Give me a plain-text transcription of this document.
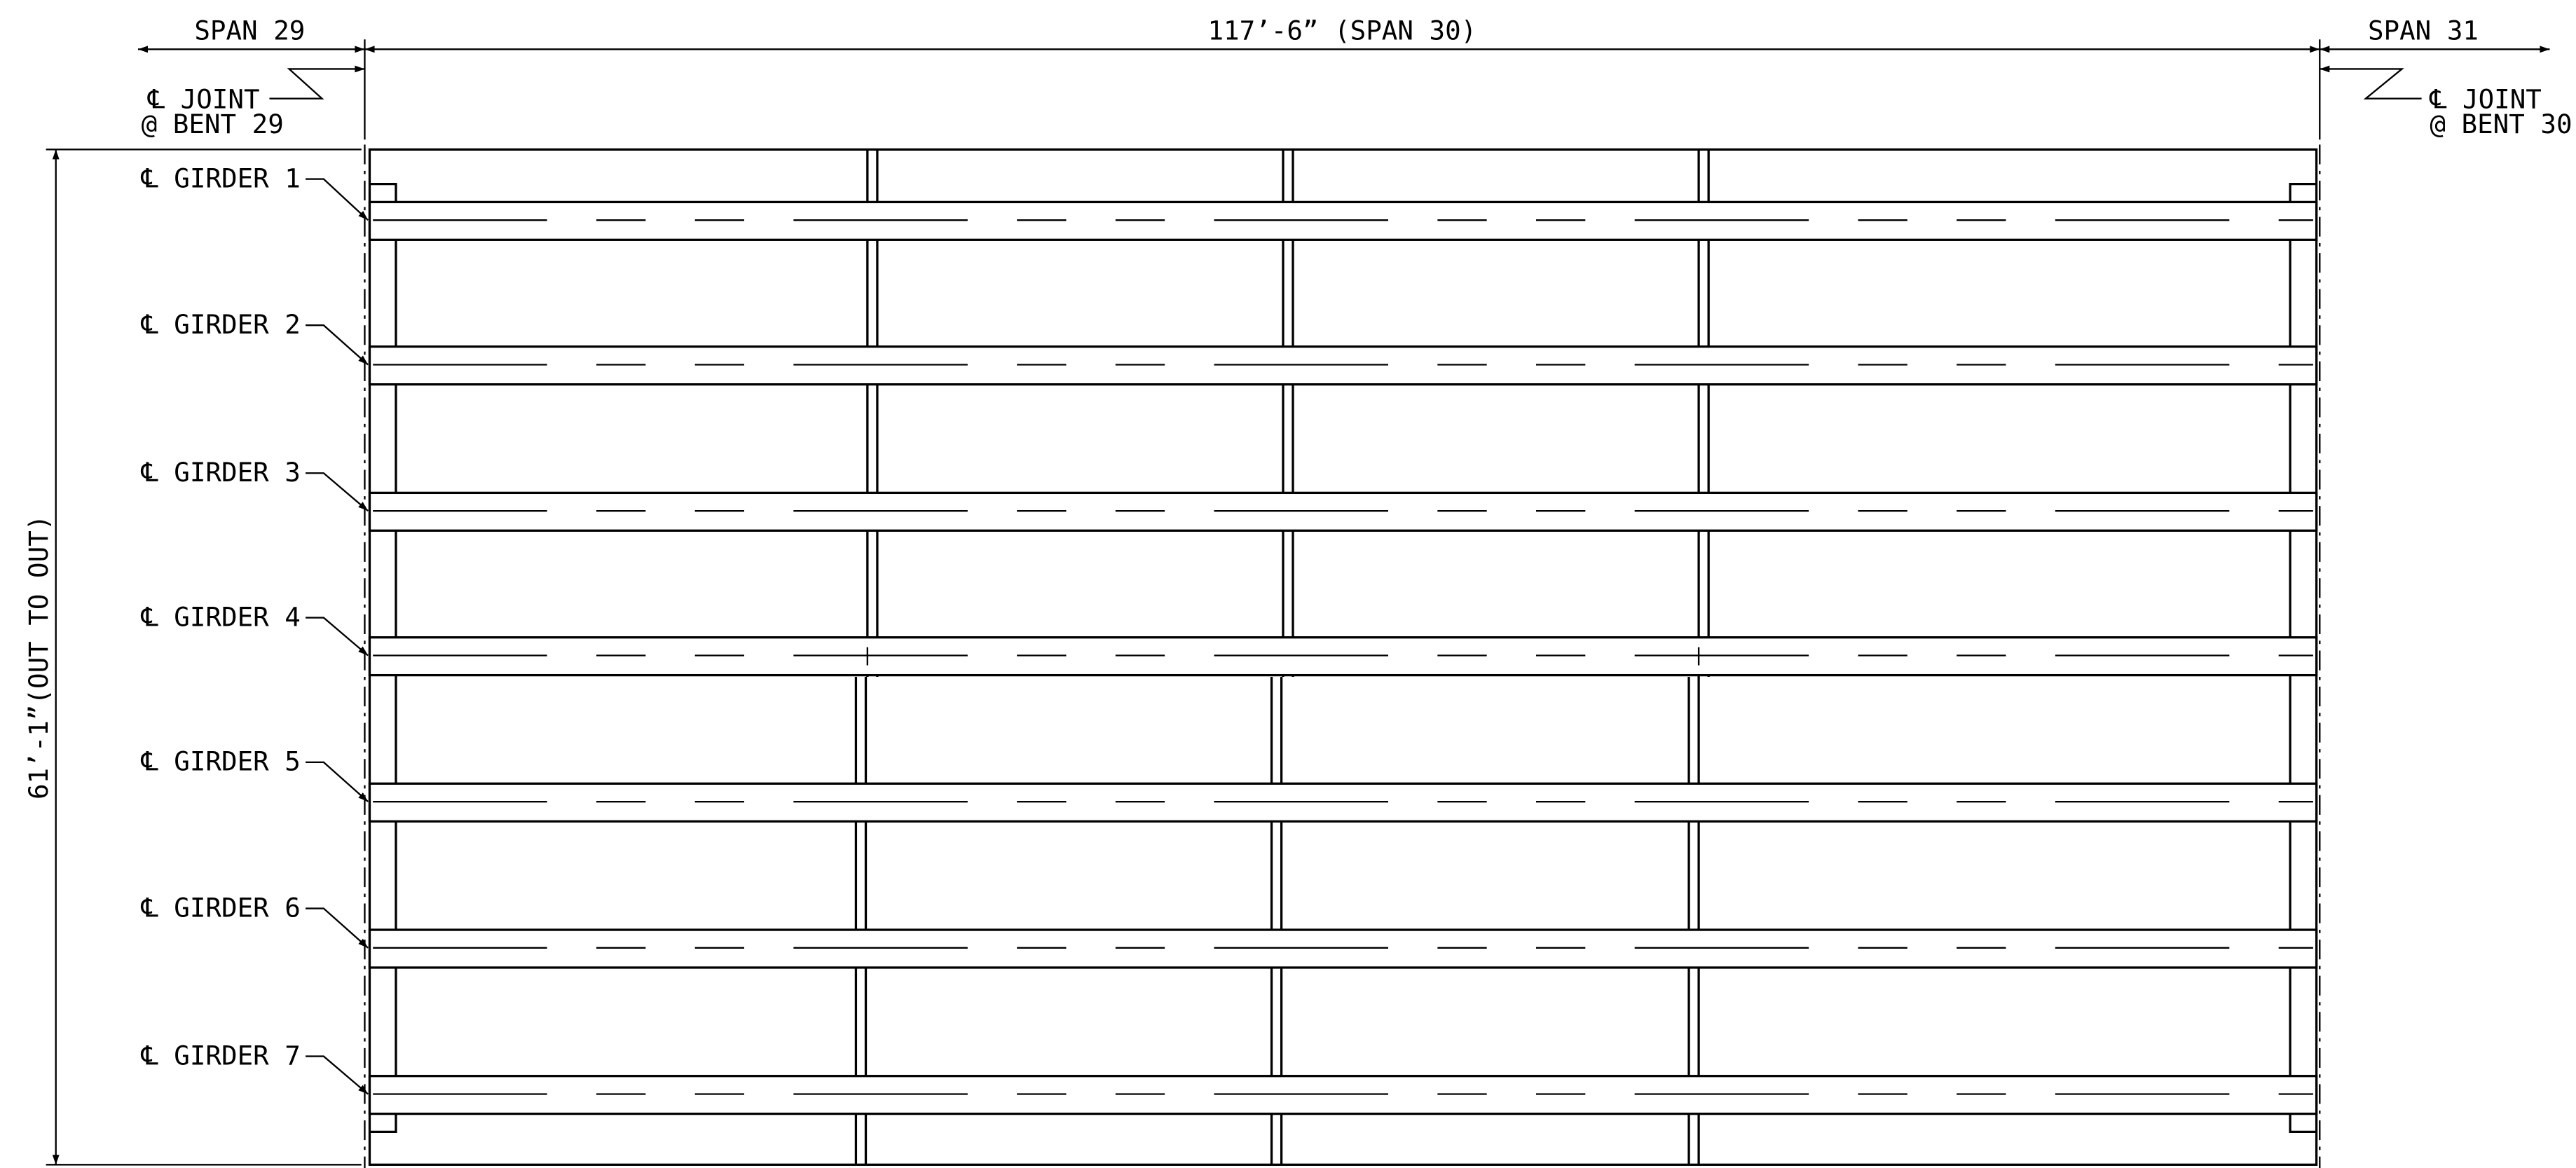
SPAN 29	117’-6” (SPAN 30)	SPAN 31
℄ JOINT
@ BENT 29
℄ JOINT
@ BENT 30
61’-1”(OUT TO OUT)
℄ GIRDER 1
℄ GIRDER 2
℄ GIRDER 3
℄ GIRDER 4
℄ GIRDER 5
℄ GIRDER 6
℄ GIRDER 7
